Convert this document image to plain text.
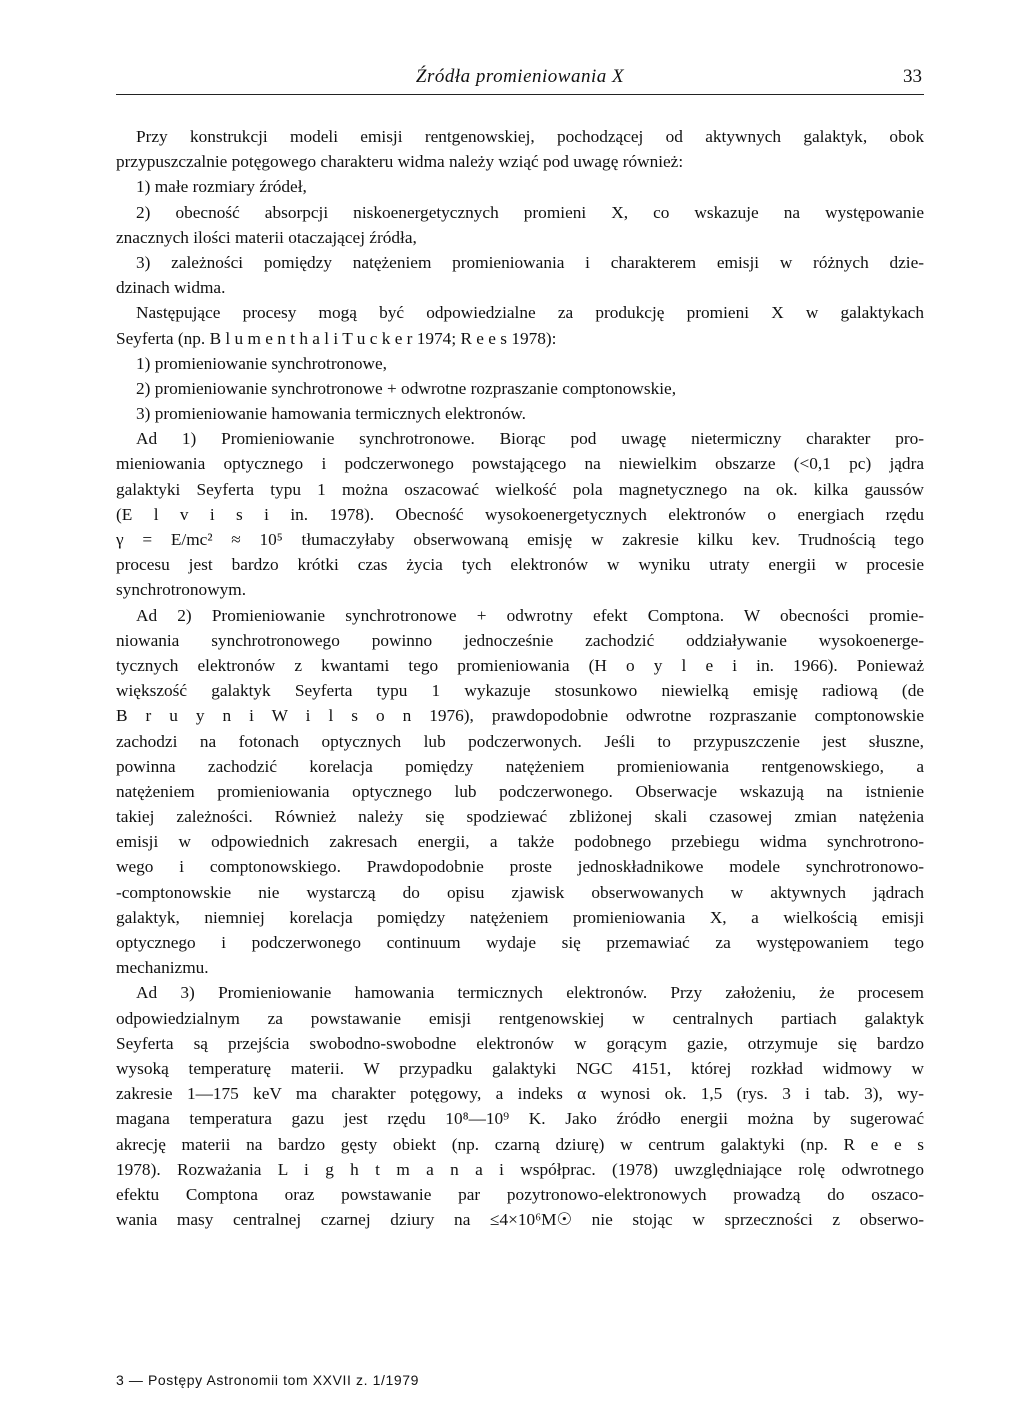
Źródła promieniowania X	33
Przy konstrukcji modeli emisji rentgenowskiej, pochodzącej od aktywnych galaktyk, obok
przypuszczalnie potęgowego charakteru widma należy wziąć pod uwagę również:
1) małe rozmiary źródeł,
2) obecność absorpcji niskoenergetycznych promieni X, co wskazuje na występowanie
znacznych ilości materii otaczającej źródła,
3) zależności pomiędzy natężeniem promieniowania i charakterem emisji w różnych dzie-
dzinach widma.
Następujące procesy mogą być odpowiedzialne za produkcję promieni X w galaktykach
Seyferta (np. B l u m e n t h a l i T u c k e r 1974; R e e s 1978):
1) promieniowanie synchrotronowe,
2) promieniowanie synchrotronowe + odwrotne rozpraszanie comptonowskie,
3) promieniowanie hamowania termicznych elektronów.
Ad 1) Promieniowanie synchrotronowe. Biorąc pod uwagę nietermiczny charakter pro-
mieniowania optycznego i podczerwonego powstającego na niewielkim obszarze (<0,1 pc) jądra
galaktyki Seyferta typu 1 można oszacować wielkość pola magnetycznego na ok. kilka gaussów
(E l v i s i in. 1978). Obecność wysokoenergetycznych elektronów o energiach rzędu
γ = E/mc² ≈ 10⁵ tłumaczyłaby obserwowaną emisję w zakresie kilku kev. Trudnością tego
procesu jest bardzo krótki czas życia tych elektronów w wyniku utraty energii w procesie
synchrotronowym.
Ad 2) Promieniowanie synchrotronowe + odwrotny efekt Comptona. W obecności promie-
niowania synchrotronowego powinno jednocześnie zachodzić oddziaływanie wysokoenerge-
tycznych elektronów z kwantami tego promieniowania (H o y l e i in. 1966). Ponieważ
większość galaktyk Seyferta typu 1 wykazuje stosunkowo niewielką emisję radiową (de
B r u y n i W i l s o n 1976), prawdopodobnie odwrotne rozpraszanie comptonowskie
zachodzi na fotonach optycznych lub podczerwonych. Jeśli to przypuszczenie jest słuszne,
powinna zachodzić korelacja pomiędzy natężeniem promieniowania rentgenowskiego, a
natężeniem promieniowania optycznego lub podczerwonego. Obserwacje wskazują na istnienie
takiej zależności. Również należy się spodziewać zbliżonej skali czasowej zmian natężenia
emisji w odpowiednich zakresach energii, a także podobnego przebiegu widma synchrotrono-
wego i comptonowskiego. Prawdopodobnie proste jednoskładnikowe modele synchrotronowo-
-comptonowskie nie wystarczą do opisu zjawisk obserwowanych w aktywnych jądrach
galaktyk, niemniej korelacja pomiędzy natężeniem promieniowania X, a wielkością emisji
optycznego i podczerwonego continuum wydaje się przemawiać za występowaniem tego
mechanizmu.
Ad 3) Promieniowanie hamowania termicznych elektronów. Przy założeniu, że procesem
odpowiedzialnym za powstawanie emisji rentgenowskiej w centralnych partiach galaktyk
Seyferta są przejścia swobodno-swobodne elektronów w gorącym gazie, otrzymuje się bardzo
wysoką temperaturę materii. W przypadku galaktyki NGC 4151, której rozkład widmowy w
zakresie 1—175 keV ma charakter potęgowy, a indeks α wynosi ok. 1,5 (rys. 3 i tab. 3), wy-
magana temperatura gazu jest rzędu 10⁸—10⁹ K. Jako źródło energii można by sugerować
akrecję materii na bardzo gęsty obiekt (np. czarną dziurę) w centrum galaktyki (np. R e e s
1978). Rozważania L i g h t m a n a i współprac. (1978) uwzględniające rolę odwrotnego
efektu Comptona oraz powstawanie par pozytronowo-elektronowych prowadzą do oszaco-
wania masy centralnej czarnej dziury na ≤4×10⁶M☉ nie stojąc w sprzeczności z obserwo-
3 — Postępy Astronomii tom XXVII z. 1/1979
